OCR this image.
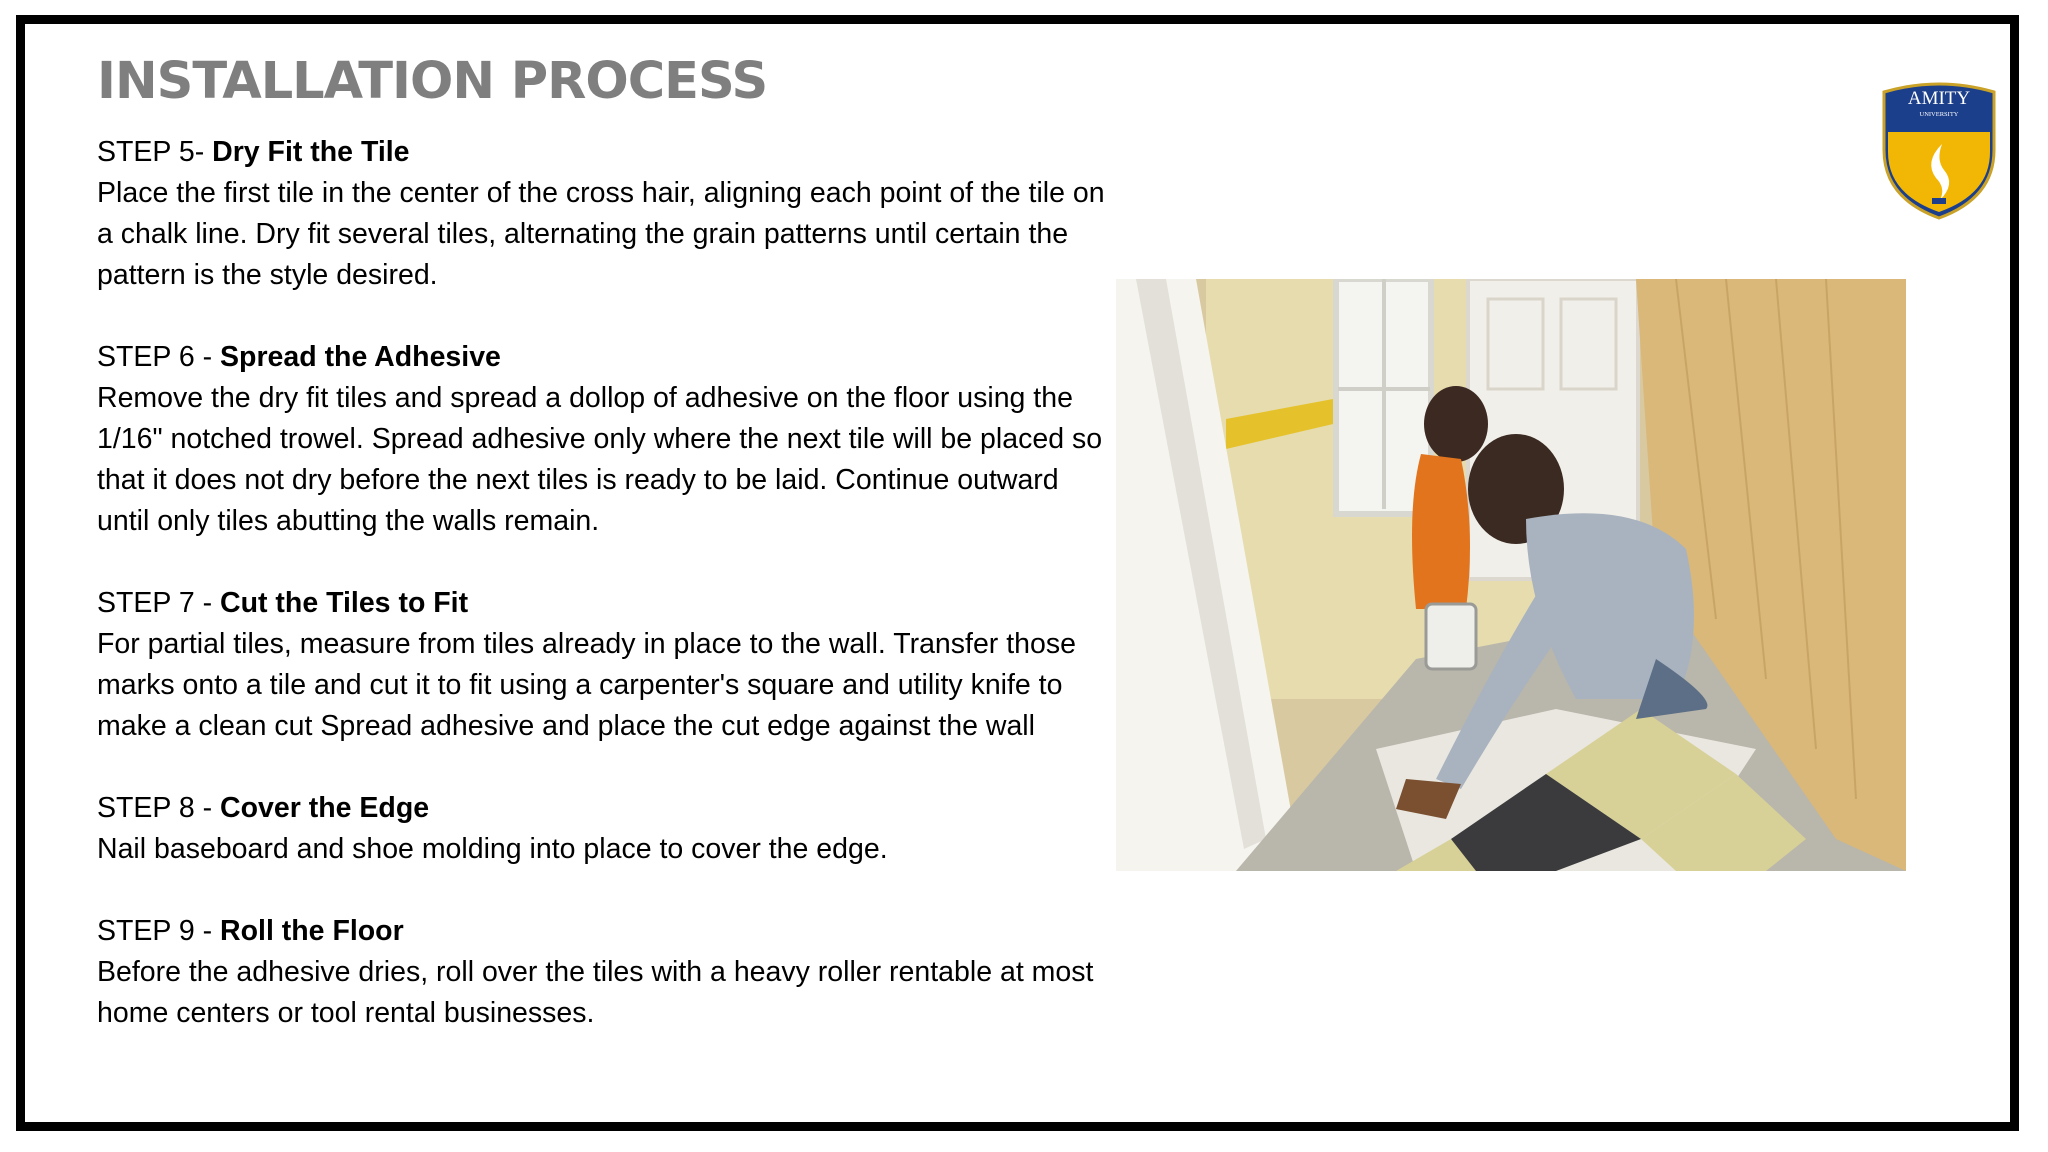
INSTALLATION PROCESS
STEP 5- Dry Fit the Tile
Place the first tile in the center of the cross hair, aligning each point of the tile on a chalk line. Dry fit several tiles, alternating the grain patterns until certain the pattern is the style desired.
STEP 6 - Spread the Adhesive
Remove the dry fit tiles and spread a dollop of adhesive on the floor using the 1/16" notched trowel. Spread adhesive only where the next tile will be placed so that it does not dry before the next tiles is ready to be laid. Continue outward until only tiles abutting the walls remain.
STEP 7 - Cut the Tiles to Fit
For partial tiles, measure from tiles already in place to the wall. Transfer those marks onto a tile and cut it to fit using a carpenter's square and utility knife to make a clean cut Spread adhesive and place the cut edge against the wall
STEP 8 - Cover the Edge
Nail baseboard and shoe molding into place to cover the edge.
STEP 9 - Roll the Floor
Before the adhesive dries, roll over the tiles with a heavy roller rentable at most home centers or tool rental businesses.
AMITY
UNIVERSITY
